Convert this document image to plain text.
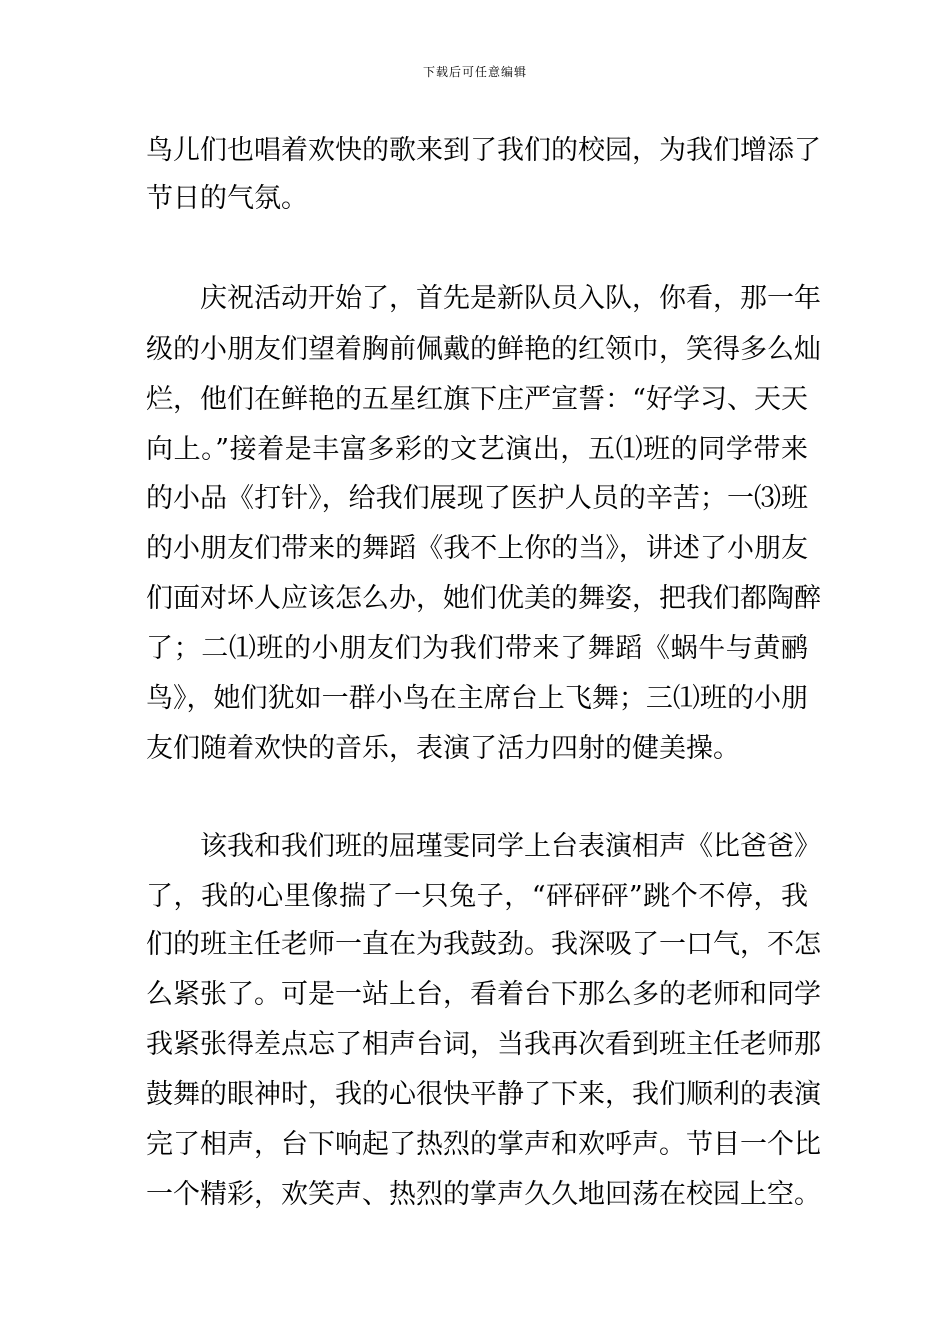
下载后可任意编辑
鸟儿们也唱着欢快的歌来到了我们的校园，为我们增添了
节日的气氛。
庆祝活动开始了，首先是新队员入队，你看，那一年
级的小朋友们望着胸前佩戴的鲜艳的红领巾，笑得多么灿
烂，他们在鲜艳的五星红旗下庄严宣誓：“好学习、天天
向上。”接着是丰富多彩的文艺演出，五⑴班的同学带来
的小品《打针》，给我们展现了医护人员的辛苦；一⑶班
的小朋友们带来的舞蹈《我不上你的当》，讲述了小朋友
们面对坏人应该怎么办，她们优美的舞姿，把我们都陶醉
了；二⑴班的小朋友们为我们带来了舞蹈《蜗牛与黄鹂
鸟》，她们犹如一群小鸟在主席台上飞舞；三⑴班的小朋
友们随着欢快的音乐，表演了活力四射的健美操。
该我和我们班的屈瑾雯同学上台表演相声《比爸爸》
了，我的心里像揣了一只兔子，“砰砰砰”跳个不停，我
们的班主任老师一直在为我鼓劲。我深吸了一口气，不怎
么紧张了。可是一站上台，看着台下那么多的老师和同学
我紧张得差点忘了相声台词，当我再次看到班主任老师那
鼓舞的眼神时，我的心很快平静了下来，我们顺利的表演
完了相声，台下响起了热烈的掌声和欢呼声。节目一个比
一个精彩，欢笑声、热烈的掌声久久地回荡在校园上空。
